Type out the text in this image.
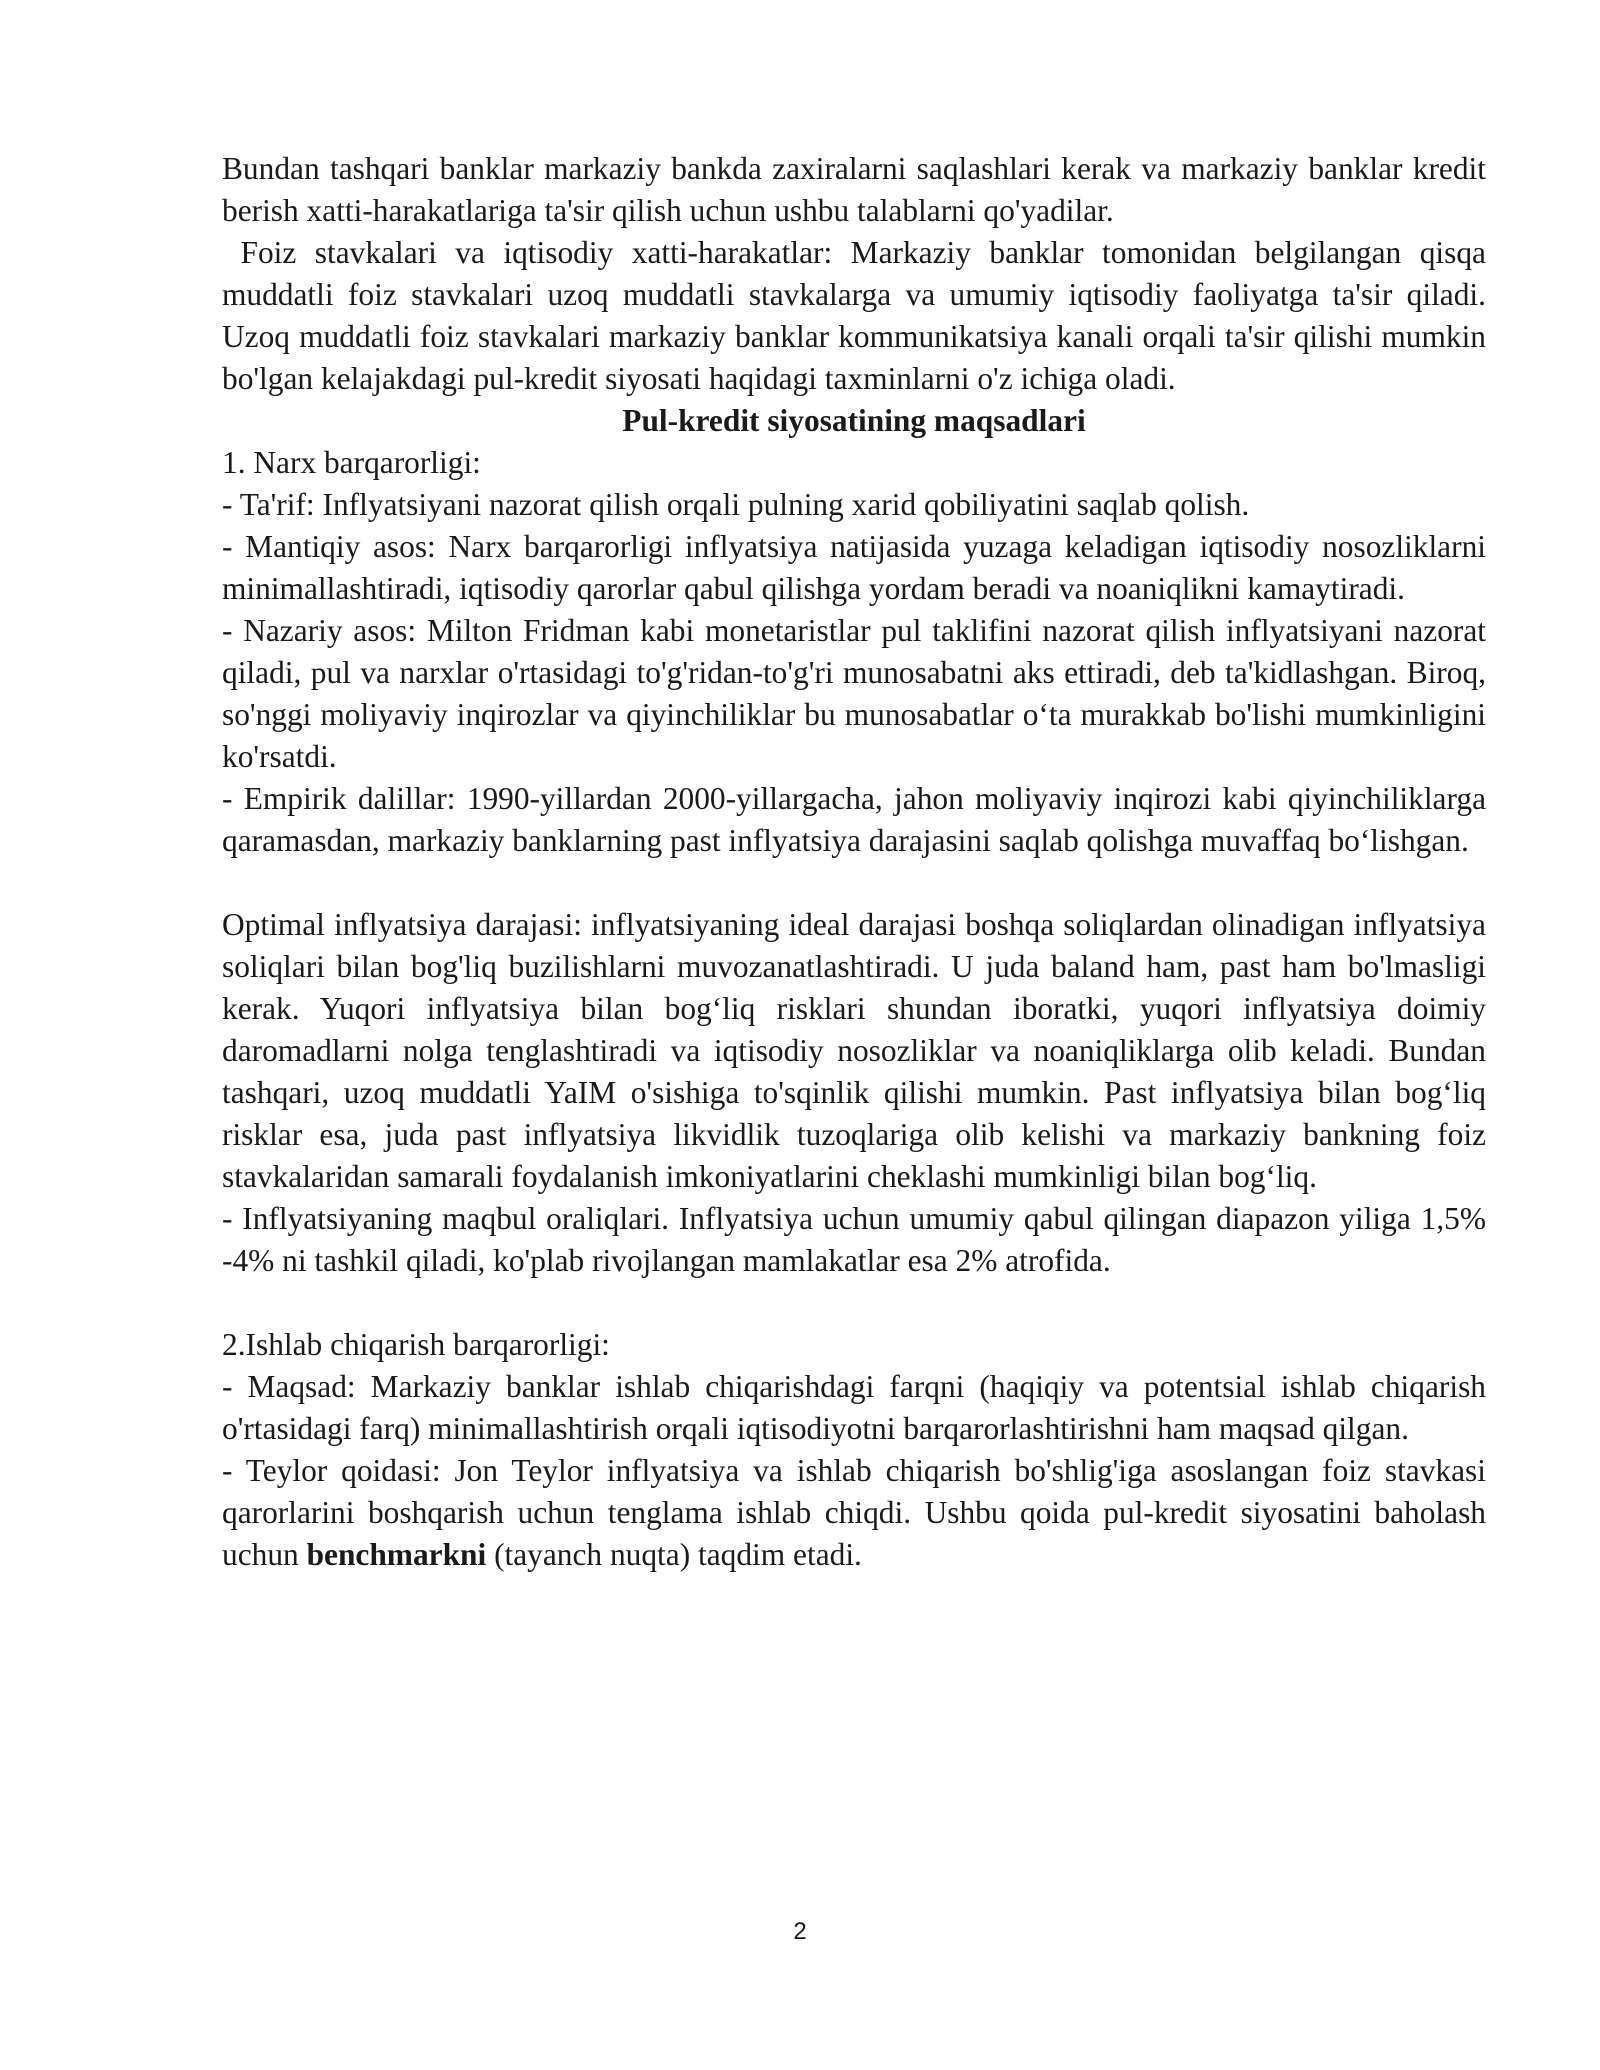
Bundan tashqari banklar markaziy bankda zaxiralarni saqlashlari kerak va markaziy banklar kredit berish xatti-harakatlariga ta'sir qilish uchun ushbu talablarni qo'yadilar.

Foiz stavkalari va iqtisodiy xatti-harakatlar: Markaziy banklar tomonidan belgilangan qisqa muddatli foiz stavkalari uzoq muddatli stavkalarga va umumiy iqtisodiy faoliyatga ta'sir qiladi. Uzoq muddatli foiz stavkalari markaziy banklar kommunikatsiya kanali orqali ta'sir qilishi mumkin bo'lgan kelajakdagi pul-kredit siyosati haqidagi taxminlarni o'z ichiga oladi.

Pul-kredit siyosatining maqsadlari

1. Narx barqarorligi:

- Ta'rif: Inflyatsiyani nazorat qilish orqali pulning xarid qobiliyatini saqlab qolish.

- Mantiqiy asos: Narx barqarorligi inflyatsiya natijasida yuzaga keladigan iqtisodiy nosozliklarni minimallashtiradi, iqtisodiy qarorlar qabul qilishga yordam beradi va noaniqlikni kamaytiradi.

- Nazariy asos: Milton Fridman kabi monetaristlar pul taklifini nazorat qilish inflyatsiyani nazorat qiladi, pul va narxlar o'rtasidagi to'g'ridan-to'g'ri munosabatni aks ettiradi, deb ta'kidlashgan. Biroq, so'nggi moliyaviy inqirozlar va qiyinchiliklar bu munosabatlar o‘ta murakkab bo'lishi mumkinligini ko'rsatdi.

- Empirik dalillar: 1990-yillardan 2000-yillargacha, jahon moliyaviy inqirozi kabi qiyinchiliklarga qaramasdan, markaziy banklarning past inflyatsiya darajasini saqlab qolishga muvaffaq bo‘lishgan.

Optimal inflyatsiya darajasi: inflyatsiyaning ideal darajasi boshqa soliqlardan olinadigan inflyatsiya soliqlari bilan bog'liq buzilishlarni muvozanatlashtiradi. U juda baland ham, past ham bo'lmasligi kerak. Yuqori inflyatsiya bilan bog‘liq risklari shundan iboratki, yuqori inflyatsiya doimiy daromadlarni nolga tenglashtiradi va iqtisodiy nosozliklar va noaniqliklarga olib keladi. Bundan tashqari, uzoq muddatli YaIM o'sishiga to'sqinlik qilishi mumkin. Past inflyatsiya bilan bog‘liq risklar esa, juda past inflyatsiya likvidlik tuzoqlariga olib kelishi va markaziy bankning foiz stavkalaridan samarali foydalanish imkoniyatlarini cheklashi mumkinligi bilan bog‘liq.

- Inflyatsiyaning maqbul oraliqlari. Inflyatsiya uchun umumiy qabul qilingan diapazon yiliga 1,5% -4% ni tashkil qiladi, ko'plab rivojlangan mamlakatlar esa 2% atrofida.

2.Ishlab chiqarish barqarorligi:

- Maqsad: Markaziy banklar ishlab chiqarishdagi farqni (haqiqiy va potentsial ishlab chiqarish o'rtasidagi farq) minimallashtirish orqali iqtisodiyotni barqarorlashtirishni ham maqsad qilgan.

- Teylor qoidasi: Jon Teylor inflyatsiya va ishlab chiqarish bo'shlig'iga asoslangan foiz stavkasi qarorlarini boshqarish uchun tenglama ishlab chiqdi. Ushbu qoida pul-kredit siyosatini baholash uchun benchmarkni (tayanch nuqta) taqdim etadi.

2
